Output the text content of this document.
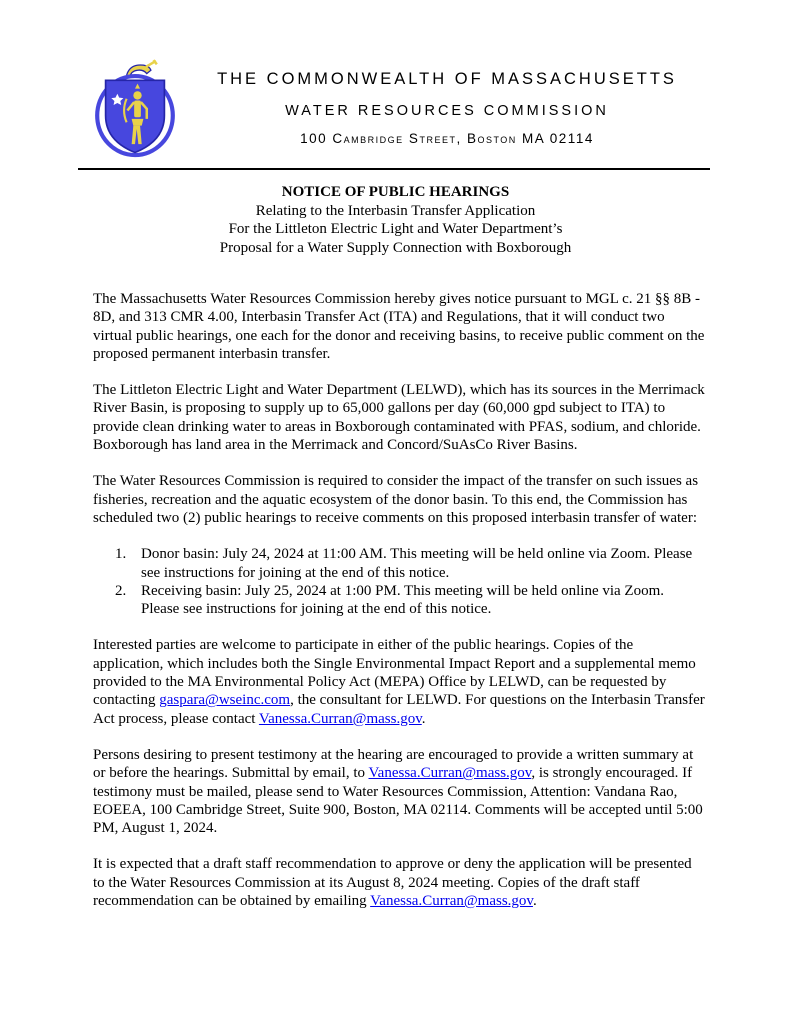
THE COMMONWEALTH OF MASSACHUSETTS
WATER RESOURCES COMMISSION
100 Cambridge Street, Boston MA 02114
NOTICE OF PUBLIC HEARINGS
Relating to the Interbasin Transfer Application
For the Littleton Electric Light and Water Department’s
Proposal for a Water Supply Connection with Boxborough

The Massachusetts Water Resources Commission hereby gives notice pursuant to MGL c. 21 §§ 8B - 8D, and 313 CMR 4.00, Interbasin Transfer Act (ITA) and Regulations, that it will conduct two virtual public hearings, one each for the donor and receiving basins, to receive public comment on the proposed permanent interbasin transfer.

The Littleton Electric Light and Water Department (LELWD), which has its sources in the Merrimack River Basin, is proposing to supply up to 65,000 gallons per day (60,000 gpd subject to ITA) to provide clean drinking water to areas in Boxborough contaminated with PFAS, sodium, and chloride. Boxborough has land area in the Merrimack and Concord/SuAsCo River Basins.

The Water Resources Commission is required to consider the impact of the transfer on such issues as fisheries, recreation and the aquatic ecosystem of the donor basin. To this end, the Commission has scheduled two (2) public hearings to receive comments on this proposed interbasin transfer of water:

1. Donor basin: July 24, 2024 at 11:00 AM. This meeting will be held online via Zoom. Please see instructions for joining at the end of this notice.
2. Receiving basin: July 25, 2024 at 1:00 PM. This meeting will be held online via Zoom. Please see instructions for joining at the end of this notice.

Interested parties are welcome to participate in either of the public hearings. Copies of the application, which includes both the Single Environmental Impact Report and a supplemental memo provided to the MA Environmental Policy Act (MEPA) Office by LELWD, can be requested by contacting gaspara@wseinc.com, the consultant for LELWD. For questions on the Interbasin Transfer Act process, please contact Vanessa.Curran@mass.gov.

Persons desiring to present testimony at the hearing are encouraged to provide a written summary at or before the hearings. Submittal by email, to Vanessa.Curran@mass.gov, is strongly encouraged. If testimony must be mailed, please send to Water Resources Commission, Attention: Vandana Rao, EOEEA, 100 Cambridge Street, Suite 900, Boston, MA 02114. Comments will be accepted until 5:00 PM, August 1, 2024.

It is expected that a draft staff recommendation to approve or deny the application will be presented to the Water Resources Commission at its August 8, 2024 meeting. Copies of the draft staff recommendation can be obtained by emailing Vanessa.Curran@mass.gov.
